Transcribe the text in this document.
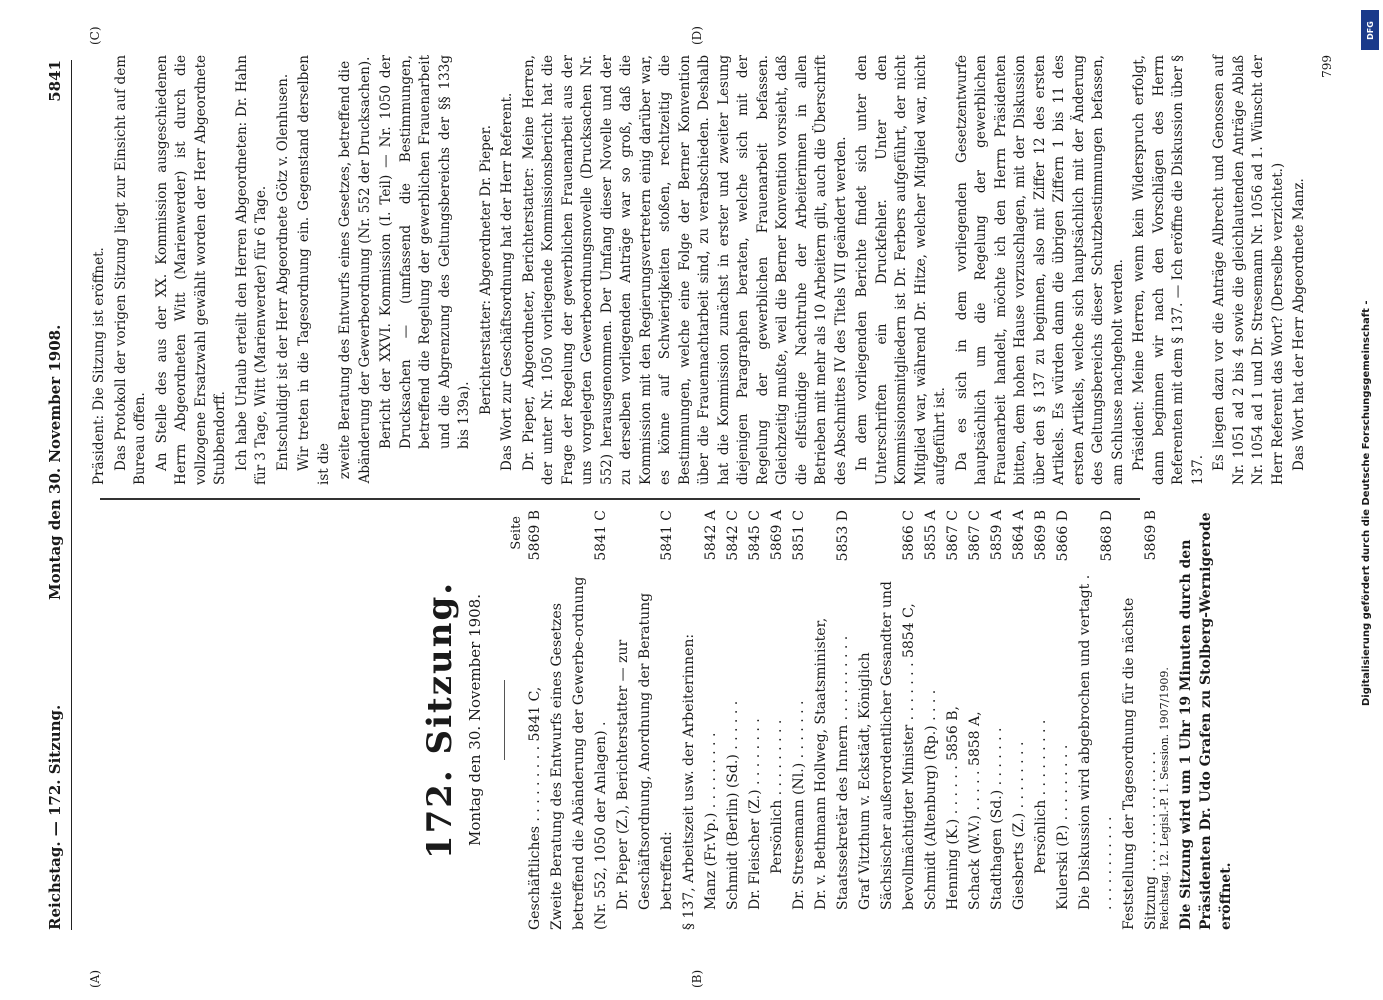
Reichstag. — 172. Sitzung.
Montag den 30. November 1908.
5841
(A)	(B)
(C)	(D)
172. Sitzung. Montag den 30. November 1908.
Seite
Geschäftliches . . . . . . . . . 5841 C,
5869 B
Zweite Beratung des Entwurfs eines Gesetzes betreffend die Abänderung der Gewerbe-ordnung (Nr. 552, 1050 der Anlagen) .
5841 C
Dr. Pieper (Z.), Berichterstatter — zur Geschäftsordnung, Anordnung der Beratung betreffend:
5841 C
§ 137, Arbeitszeit usw. der Arbeiterinnen: Manz (Fr.Vp.) . . . . . . . . .
5842 A
Schmidt (Berlin) (Sd.) . . . . . .
5842 C
Dr. Fleischer (Z.) . . . . . . . .
5845 C
Persönlich . . . . . . . . .
5869 A
Dr. Stresemann (Nl.) . . . . . . .
5851 C
Dr. v. Bethmann Hollweg, Staatsminister, Staatssekretär des Innern . . . . . . . . . .
5853 D
Graf Vitzthum v. Eckstädt, Königlich Sächsischer außerordentlicher Gesandter und bevollmächtigter Minister . . . . . . . 5854 C,
5866 C
Schmidt (Altenburg) (Rp.) . . . .
5855 A
Henning (K.) . . . . . . 5856 B,
5867 C
Schack (W.V.) . . . . . 5858 A,
5867 C
Stadthagen (Sd.) . . . . . . .
5859 A
Giesberts (Z.) . . . . . . . .
5864 A
Persönlich . . . . . . . . .
5869 B
Kulerski (P.) . . . . . . . . .
5866 D
Die Diskussion wird abgebrochen und vertagt . . . . . . . . . . . .
5868 D
Feststellung der Tagesordnung für die nächste Sitzung . . . . . . . . . . . . . .
5869 B
Die Sitzung wird um 1 Uhr 19 Minuten durch den Präsidenten Dr. Udo Grafen zu Stolberg-Wernigerode eröffnet.
Reichstag. 12. Legisl.-P. 1. Session. 1907/1909.

Präsident: Die Sitzung ist eröffnet. Das Protokoll der vorigen Sitzung liegt zur Einsicht auf dem Bureau offen. An Stelle des aus der XX. Kommission ausgeschiedenen Herrn Abgeordneten Witt (Marienwerder) ist durch die vollzogene Ersatzwahl gewählt worden der Herr Abgeordnete Stubbendorff. Ich habe Urlaub erteilt den Herren Abgeordneten: Dr. Hahn für 3 Tage, Witt (Marienwerder) für 6 Tage. Entschuldigt ist der Herr Abgeordnete Götz v. Olenhusen. Wir treten in die Tagesordnung ein. Gegenstand derselben ist die zweite Beratung des Entwurfs eines Gesetzes, betreffend die Abänderung der Gewerbeordnung (Nr. 552 der Drucksachen). Bericht der XXVI. Kommission (I. Teil) — Nr. 1050 der Drucksachen — (umfassend die Bestimmungen, betreffend die Regelung der gewerblichen Frauenarbeit und die Abgrenzung des Geltungsbereichs der §§ 133g bis 139a).

Berichterstatter: Abgeordneter Dr. Pieper. Das Wort zur Geschäftsordnung hat der Herr Referent. Dr. Pieper, Abgeordneter, Berichterstatter: Meine Herren, der unter Nr. 1050 vorliegende Kommissionsbericht hat die Frage der Regelung der gewerblichen Frauenarbeit aus der uns vorgelegten Gewerbeordnungsnovelle (Drucksachen Nr. 552) herausgenommen. Der Umfang dieser Novelle und der zu derselben vorliegenden Anträge war so groß, daß die Kommission mit den Regierungsvertretern einig darüber war, es könne auf Schwierigkeiten stoßen, rechtzeitig die Bestimmungen, welche eine Folge der Berner Konvention über die Frauennachtarbeit sind, zu verabschieden. Deshalb hat die Kommission zunächst in erster und zweiter Lesung diejenigen Paragraphen beraten, welche sich mit der Regelung der gewerblichen Frauenarbeit befassen. Gleichzeitig mußte, weil die Berner Konvention vorsieht, daß die elfstündige Nachtruhe der Arbeiterinnen in allen Betrieben mit mehr als 10 Arbeitern gilt, auch die Überschrift des Abschnittes IV des Titels VII geändert werden. In dem vorliegenden Berichte findet sich unter den Unterschriften ein Druckfehler. Unter den Kommissionsmitgliedern ist Dr. Ferbers aufgeführt, der nicht Mitglied war, während Dr. Hitze, welcher Mitglied war, nicht aufgeführt ist. Da es sich in dem vorliegenden Gesetzentwurfe hauptsächlich um die Regelung der gewerblichen Frauenarbeit handelt, möchte ich den Herrn Präsidenten bitten, dem hohen Hause vorzuschlagen, mit der Diskussion über den § 137 zu beginnen, also mit Ziffer 12 des ersten Artikels. Es würden dann die übrigen Ziffern 1 bis 11 des ersten Artikels, welche sich hauptsächlich mit der Änderung des Geltungsbereichs dieser Schutzbestimmungen befassen, am Schlusse nachgeholt werden. Präsident: Meine Herren, wenn kein Widerspruch erfolgt, dann beginnen wir nach den Vorschlägen des Herrn Referenten mit dem § 137. — Ich eröffne die Diskussion über § 137. Es liegen dazu vor die Anträge Albrecht und Genossen auf Nr. 1051 ad 2 bis 4 sowie die gleichlautenden Anträge Ablaß Nr. 1054 ad 1 und Dr. Stresemann Nr. 1056 ad 1. Wünscht der Herr Referent das Wort? (Derselbe verzichtet.) Das Wort hat der Herr Abgeordnete Manz.

799
DFG
Digitalisierung gefördert durch die Deutsche Forschungsgemeinschaft -
